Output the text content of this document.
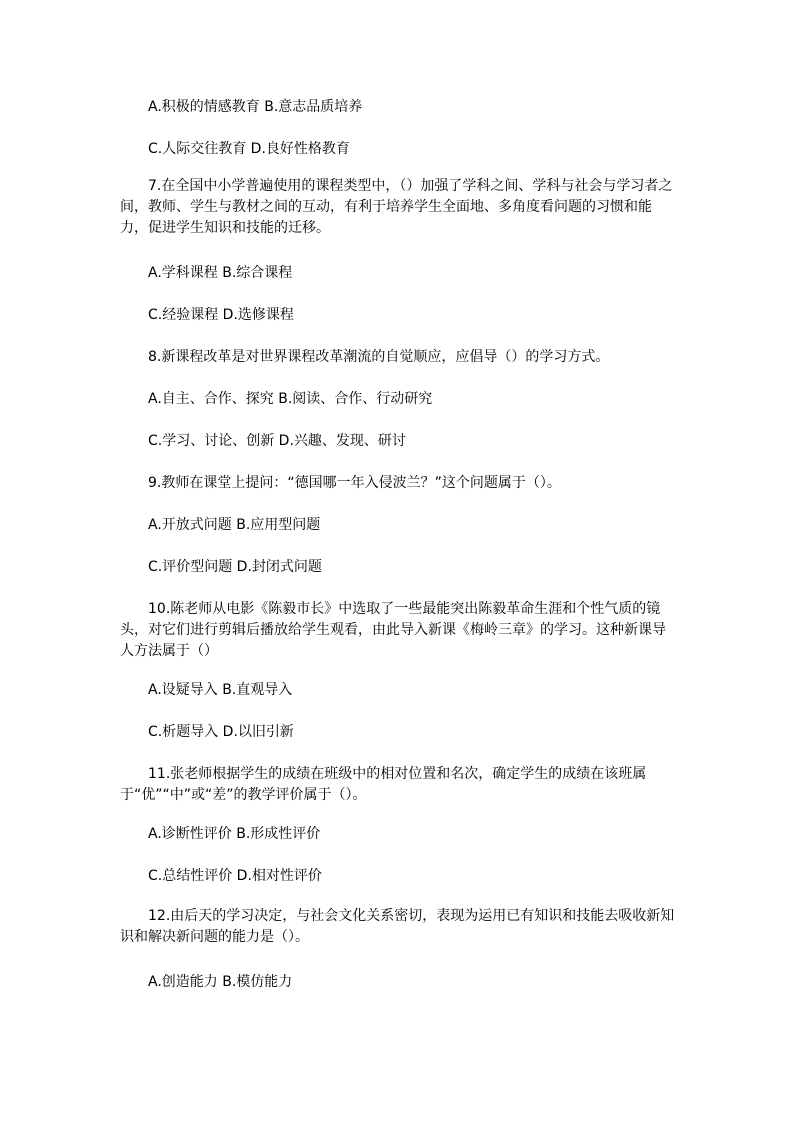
A.积极的情感教育 B.意志品质培养

C.人际交往教育 D.良好性格教育

7.在全国中小学普遍使用的课程类型中，（）加强了学科之间、学科与社会与学习者之间，教师、学生与教材之间的互动，有利于培养学生全面地、多角度看问题的习惯和能力，促进学生知识和技能的迁移。

A.学科课程 B.综合课程

C.经验课程 D.选修课程

8.新课程改革是对世界课程改革潮流的自觉顺应，应倡导（）的学习方式。

A.自主、合作、探究 B.阅读、合作、行动研究

C.学习、讨论、创新 D.兴趣、发现、研讨

9.教师在课堂上提问：“德国哪一年入侵波兰？”这个问题属于（）。

A.开放式问题 B.应用型问题

C.评价型问题 D.封闭式问题

10.陈老师从电影《陈毅市长》中选取了一些最能突出陈毅革命生涯和个性气质的镜头，对它们进行剪辑后播放给学生观看，由此导入新课《梅岭三章》的学习。这种新课导人方法属于（）

A.设疑导入 B.直观导入

C.析题导入 D.以旧引新

11.张老师根据学生的成绩在班级中的相对位置和名次，确定学生的成绩在该班属于“优”“中”或“差”的教学评价属于（）。

A.诊断性评价 B.形成性评价

C.总结性评价 D.相对性评价

12.由后天的学习决定，与社会文化关系密切，表现为运用已有知识和技能去吸收新知识和解决新问题的能力是（）。

A.创造能力 B.模仿能力
